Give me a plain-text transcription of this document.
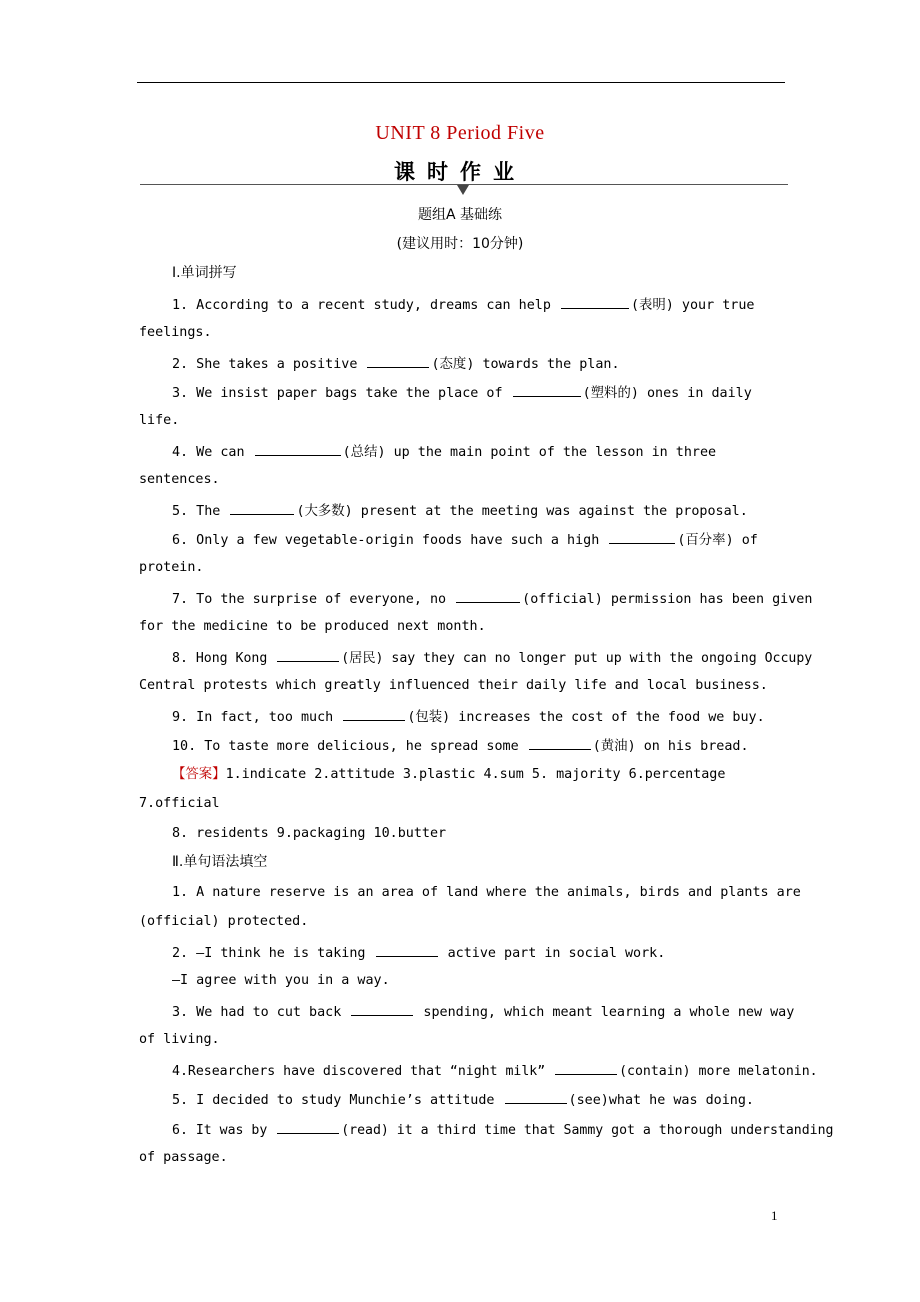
UNIT 8 Period Five
课时作业
题组A 基础练
(建议用时：10分钟)
Ⅰ.单词拼写
1. According to a recent study, dreams can help	(表明) your true
feelings.
2. She takes a positive	(态度) towards the plan.
3. We insist paper bags take the place of	(塑料的) ones in daily
life.
4. We can	(总结) up the main point of the lesson in three
sentences.
5. The	(大多数) present at the meeting was against the proposal.
6. Only a few vegetable-origin foods have such a high	(百分率) of
protein.
7. To the surprise of everyone, no	(official) permission has been given
for the medicine to be produced next month.
8. Hong Kong	(居民) say they can no longer put up with the ongoing Occupy
Central protests which greatly influenced their daily life and local business.
9. In fact, too much	(包装) increases the cost of the food we buy.
10. To taste more delicious, he spread some	(黄油) on his bread.
【答案】1.indicate 2.attitude 3.plastic 4.sum 5. majority 6.percentage
7.official
8. residents 9.packaging 10.butter
Ⅱ.单句语法填空
1. A nature reserve is an area of land where the animals, birds and plants are
(official) protected.
2. —I think he is taking	active part in social work.
—I agree with you in a way.
3. We had to cut back	spending, which meant learning a whole new way
of living.
4.Researchers have discovered that “night milk”	(contain) more melatonin.
5. I decided to study Munchie’s attitude	(see)what he was doing.
6. It was by	(read) it a third time that Sammy got a thorough understanding
of passage.
1
